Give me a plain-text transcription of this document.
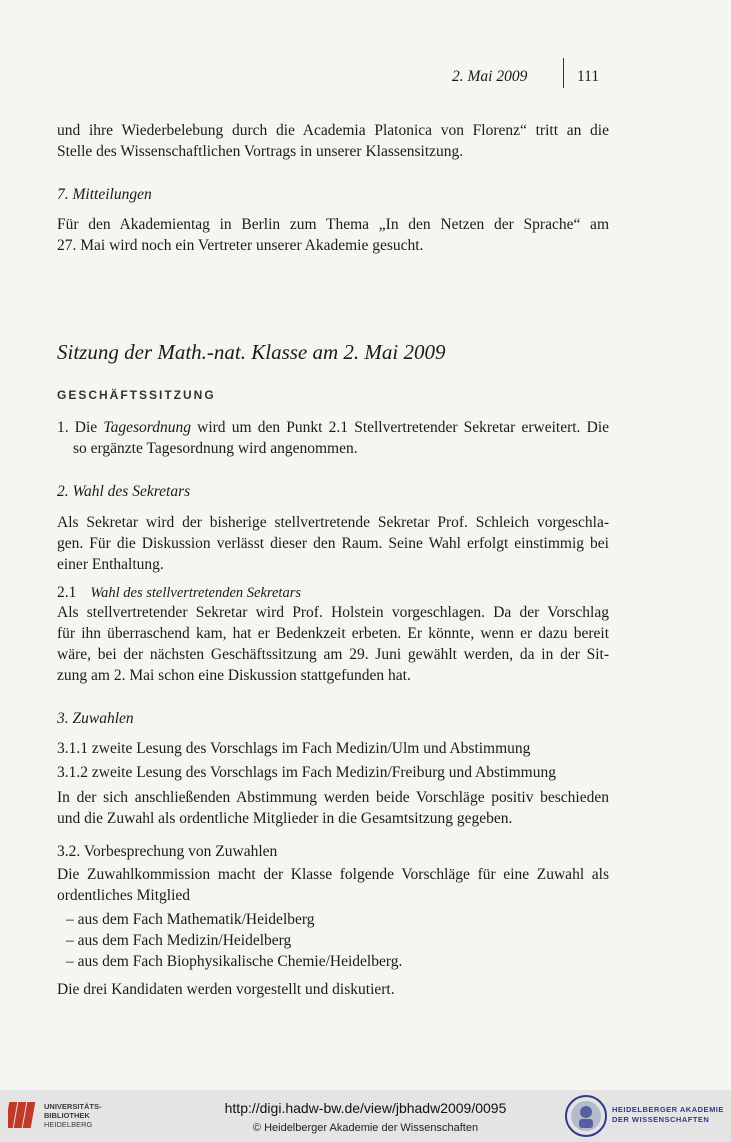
2. Mai 2009	111
und ihre Wiederbelebung durch die Academia Platonica von Florenz“ tritt an die
Stelle des Wissenschaftlichen Vortrags in unserer Klassensitzung.
7. Mitteilungen
Für den Akademientag in Berlin zum Thema „In den Netzen der Sprache“ am
27. Mai wird noch ein Vertreter unserer Akademie gesucht.
Sitzung der Math.-nat. Klasse am 2. Mai 2009
GESCHÄFTSSITZUNG
1. Die Tagesordnung wird um den Punkt 2.1 Stellvertretender Sekretar erweitert. Die
so ergänzte Tagesordnung wird angenommen.
2. Wahl des Sekretars
Als Sekretar wird der bisherige stellvertretende Sekretar Prof. Schleich vorgeschla-
gen. Für die Diskussion verlässt dieser den Raum. Seine Wahl erfolgt einstimmig bei
einer Enthaltung.
2.1 Wahl des stellvertretenden Sekretars
Als stellvertretender Sekretar wird Prof. Holstein vorgeschlagen. Da der Vorschlag
für ihn überraschend kam, hat er Bedenkzeit erbeten. Er könnte, wenn er dazu bereit
wäre, bei der nächsten Geschäftssitzung am 29. Juni gewählt werden, da in der Sit-
zung am 2. Mai schon eine Diskussion stattgefunden hat.
3. Zuwahlen
3.1.1 zweite Lesung des Vorschlags im Fach Medizin/Ulm und Abstimmung
3.1.2 zweite Lesung des Vorschlags im Fach Medizin/Freiburg und Abstimmung
In der sich anschließenden Abstimmung werden beide Vorschläge positiv beschieden
und die Zuwahl als ordentliche Mitglieder in die Gesamtsitzung gegeben.
3.2. Vorbesprechung von Zuwahlen
Die Zuwahlkommission macht der Klasse folgende Vorschläge für eine Zuwahl als
ordentliches Mitglied
– aus dem Fach Mathematik/Heidelberg
– aus dem Fach Medizin/Heidelberg
– aus dem Fach Biophysikalische Chemie/Heidelberg.
Die drei Kandidaten werden vorgestellt und diskutiert.
UNIVERSITÄTS-
BIBLIOTHEK
HEIDELBERG
http://digi.hadw-bw.de/view/jbhadw2009/0095
© Heidelberger Akademie der Wissenschaften
HEIDELBERGER AKADEMIE
DER WISSENSCHAFTEN
